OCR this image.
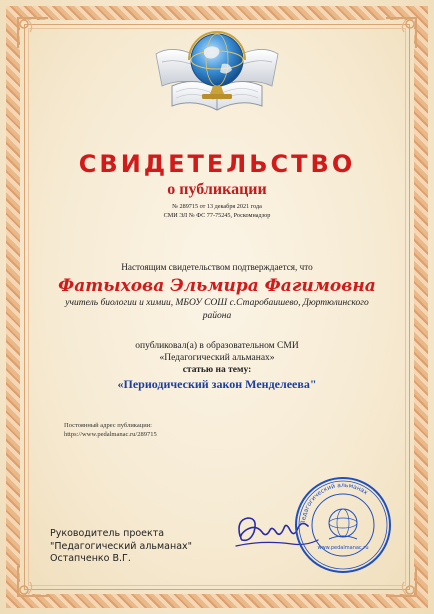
СВИДЕТЕЛЬСТВО
о публикации
№ 289715 от 13 декабря 2021 года
СМИ ЭЛ № ФС 77-75245, Роскомнадзор
Настоящим свидетельством подтверждается, что
Фатыхова Эльмира Фагимовна
учитель биологии и химии, МБОУ СОШ с.Старобаишево, Дюртюлинского района
опубликовал(а) в образовательном СМИ
«Педагогический альманах»
статью на тему:
«Периодический закон Менделеева"
Постоянный адрес публикации:
https://www.pedalmanac.ru/289715
Руководитель проекта
"Педагогический альманах"
Остапченко В.Г.
Педагогический альманах
www.pedalmanac.ru
